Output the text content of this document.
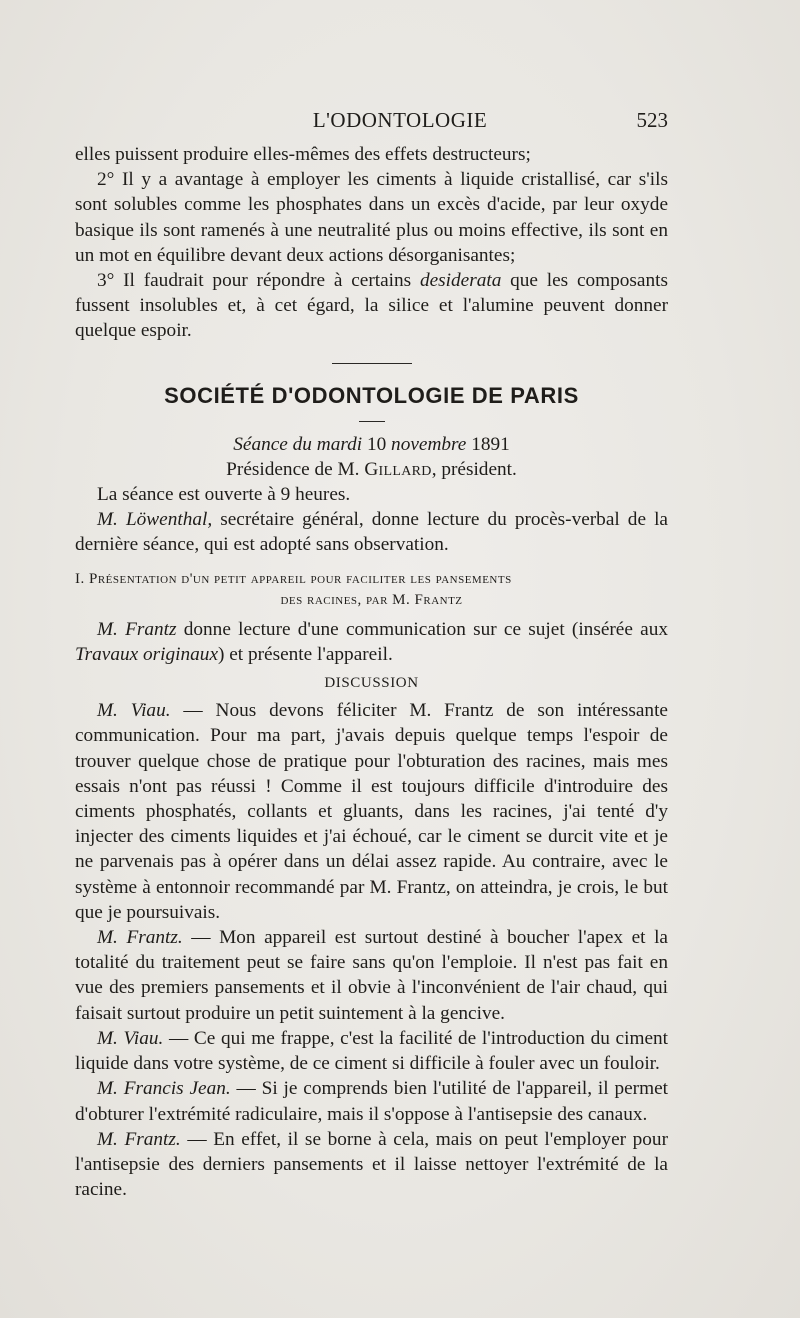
L'ODONTOLOGIE	523

elles puissent produire elles-mêmes des effets destructeurs;

2° Il y a avantage à employer les ciments à liquide cristallisé, car s'ils sont solubles comme les phosphates dans un excès d'acide, par leur oxyde basique ils sont ramenés à une neutralité plus ou moins effective, ils sont en un mot en équilibre devant deux actions désorganisantes;

3° Il faudrait pour répondre à certains desiderata que les composants fussent insolubles et, à cet égard, la silice et l'alumine peuvent donner quelque espoir.

SOCIÉTÉ D'ODONTOLOGIE DE PARIS

Séance du mardi 10 novembre 1891

Présidence de M. Gillard, président.

La séance est ouverte à 9 heures.

M. Löwenthal, secrétaire général, donne lecture du procès-verbal de la dernière séance, qui est adopté sans observation.

I. Présentation d'un petit appareil pour faciliter les pansements
des racines, par M. Frantz

M. Frantz donne lecture d'une communication sur ce sujet (insérée aux Travaux originaux) et présente l'appareil.

DISCUSSION

M. Viau. — Nous devons féliciter M. Frantz de son intéressante communication. Pour ma part, j'avais depuis quelque temps l'espoir de trouver quelque chose de pratique pour l'obturation des racines, mais mes essais n'ont pas réussi ! Comme il est toujours difficile d'introduire des ciments phosphatés, collants et gluants, dans les racines, j'ai tenté d'y injecter des ciments liquides et j'ai échoué, car le ciment se durcit vite et je ne parvenais pas à opérer dans un délai assez rapide. Au contraire, avec le système à entonnoir recommandé par M. Frantz, on atteindra, je crois, le but que je poursuivais.

M. Frantz. — Mon appareil est surtout destiné à boucher l'apex et la totalité du traitement peut se faire sans qu'on l'emploie. Il n'est pas fait en vue des premiers pansements et il obvie à l'inconvénient de l'air chaud, qui faisait surtout produire un petit suintement à la gencive.

M. Viau. — Ce qui me frappe, c'est la facilité de l'introduction du ciment liquide dans votre système, de ce ciment si difficile à fouler avec un fouloir.

M. Francis Jean. — Si je comprends bien l'utilité de l'appareil, il permet d'obturer l'extrémité radiculaire, mais il s'oppose à l'antisepsie des canaux.

M. Frantz. — En effet, il se borne à cela, mais on peut l'employer pour l'antisepsie des derniers pansements et il laisse nettoyer l'extrémité de la racine.
